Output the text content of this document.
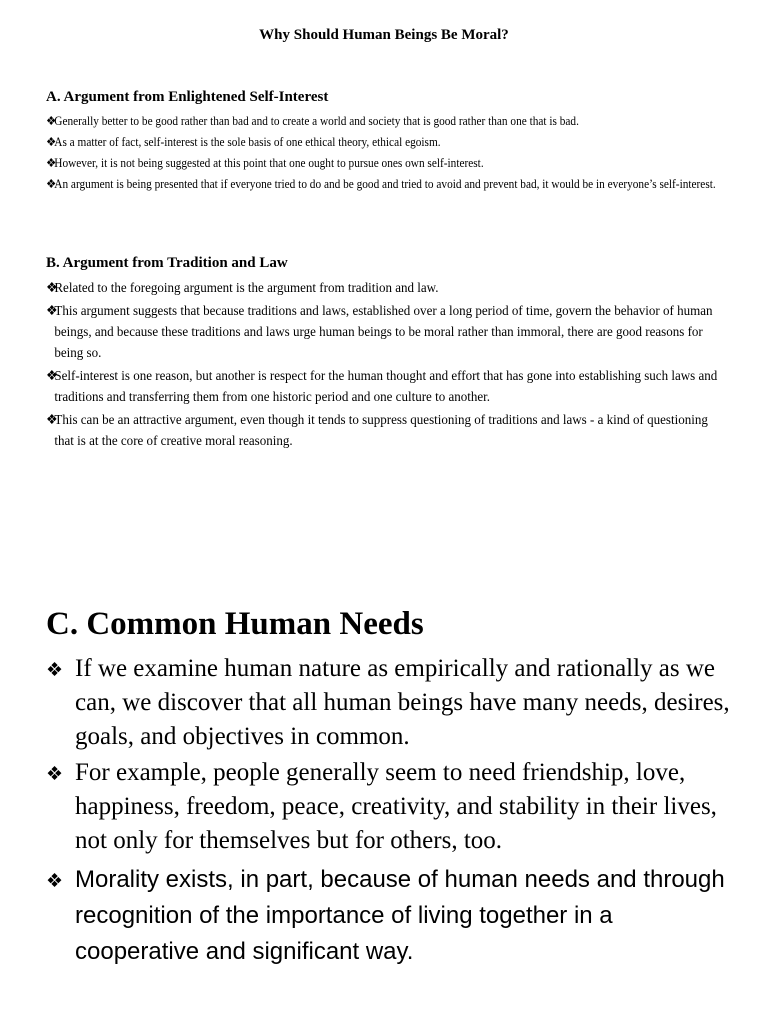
Why Should Human Beings Be Moral?
A. Argument from Enlightened Self-Interest
❖
Generally better to be good rather than bad and to create a world and society that is good rather than one that is bad.
❖
As a matter of fact, self-interest is the sole basis of one ethical theory, ethical egoism.
❖
However, it is not being suggested at this point that one ought to pursue ones own self-interest.
❖
An argument is being presented that if everyone tried to do and be good and tried to avoid and prevent bad, it would be in everyone’s self-interest.
B. Argument from Tradition and Law
❖
Related to the foregoing argument is the argument from tradition and law.
❖
This argument suggests that because traditions and laws, established over a long period of time, govern the behavior of human beings, and because these traditions and laws urge human beings to be moral rather than immoral, there are good reasons for being so.
❖
Self-interest is one reason, but another is respect for the human thought and effort that has gone into establishing such laws and traditions and transferring them from one historic period and one culture to another.
❖
This can be an attractive argument, even though it tends to suppress questioning of traditions and laws - a kind of questioning that is at the core of creative moral reasoning.
C. Common Human Needs
❖ If we examine human nature as empirically and rationally as we can, we discover that all human beings have many needs, desires, goals, and objectives in common.
❖ For example, people generally seem to need friendship, love, happiness, freedom, peace, creativity, and stability in their lives, not only for themselves but for others, too.
❖ Morality exists, in part, because of human needs and through recognition of the importance of living together in a cooperative and significant way.
